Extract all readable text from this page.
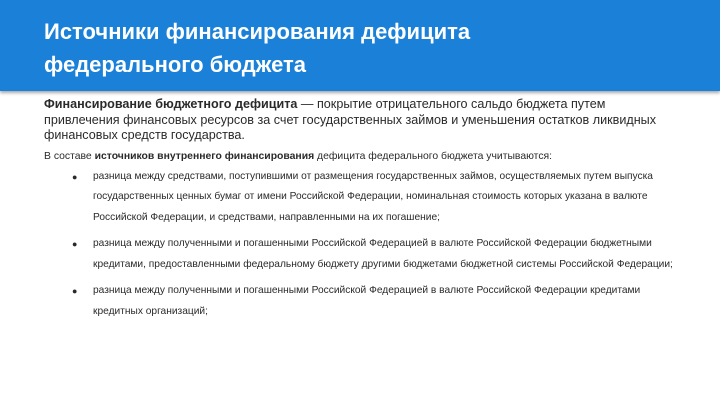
Источники финансирования дефицита
федерального бюджета

Финансирование бюджетного дефицита — покрытие отрицательного сальдо бюджета путем привлечения финансовых ресурсов за счет государственных займов и уменьшения остатков ликвидных финансовых средств государства.

В составе источников внутреннего финансирования дефицита федерального бюджета учитываются:

● разница между средствами, поступившими от размещения государственных займов, осуществляемых путем выпуска государственных ценных бумаг от имени Российской Федерации, номинальная стоимость которых указана в валюте Российской Федерации, и средствами, направленными на их погашение;
● разница между полученными и погашенными Российской Федерацией в валюте Российской Федерации бюджетными кредитами, предоставленными федеральному бюджету другими бюджетами бюджетной системы Российской Федерации;
● разница между полученными и погашенными Российской Федерацией в валюте Российской Федерации кредитами кредитных организаций;
